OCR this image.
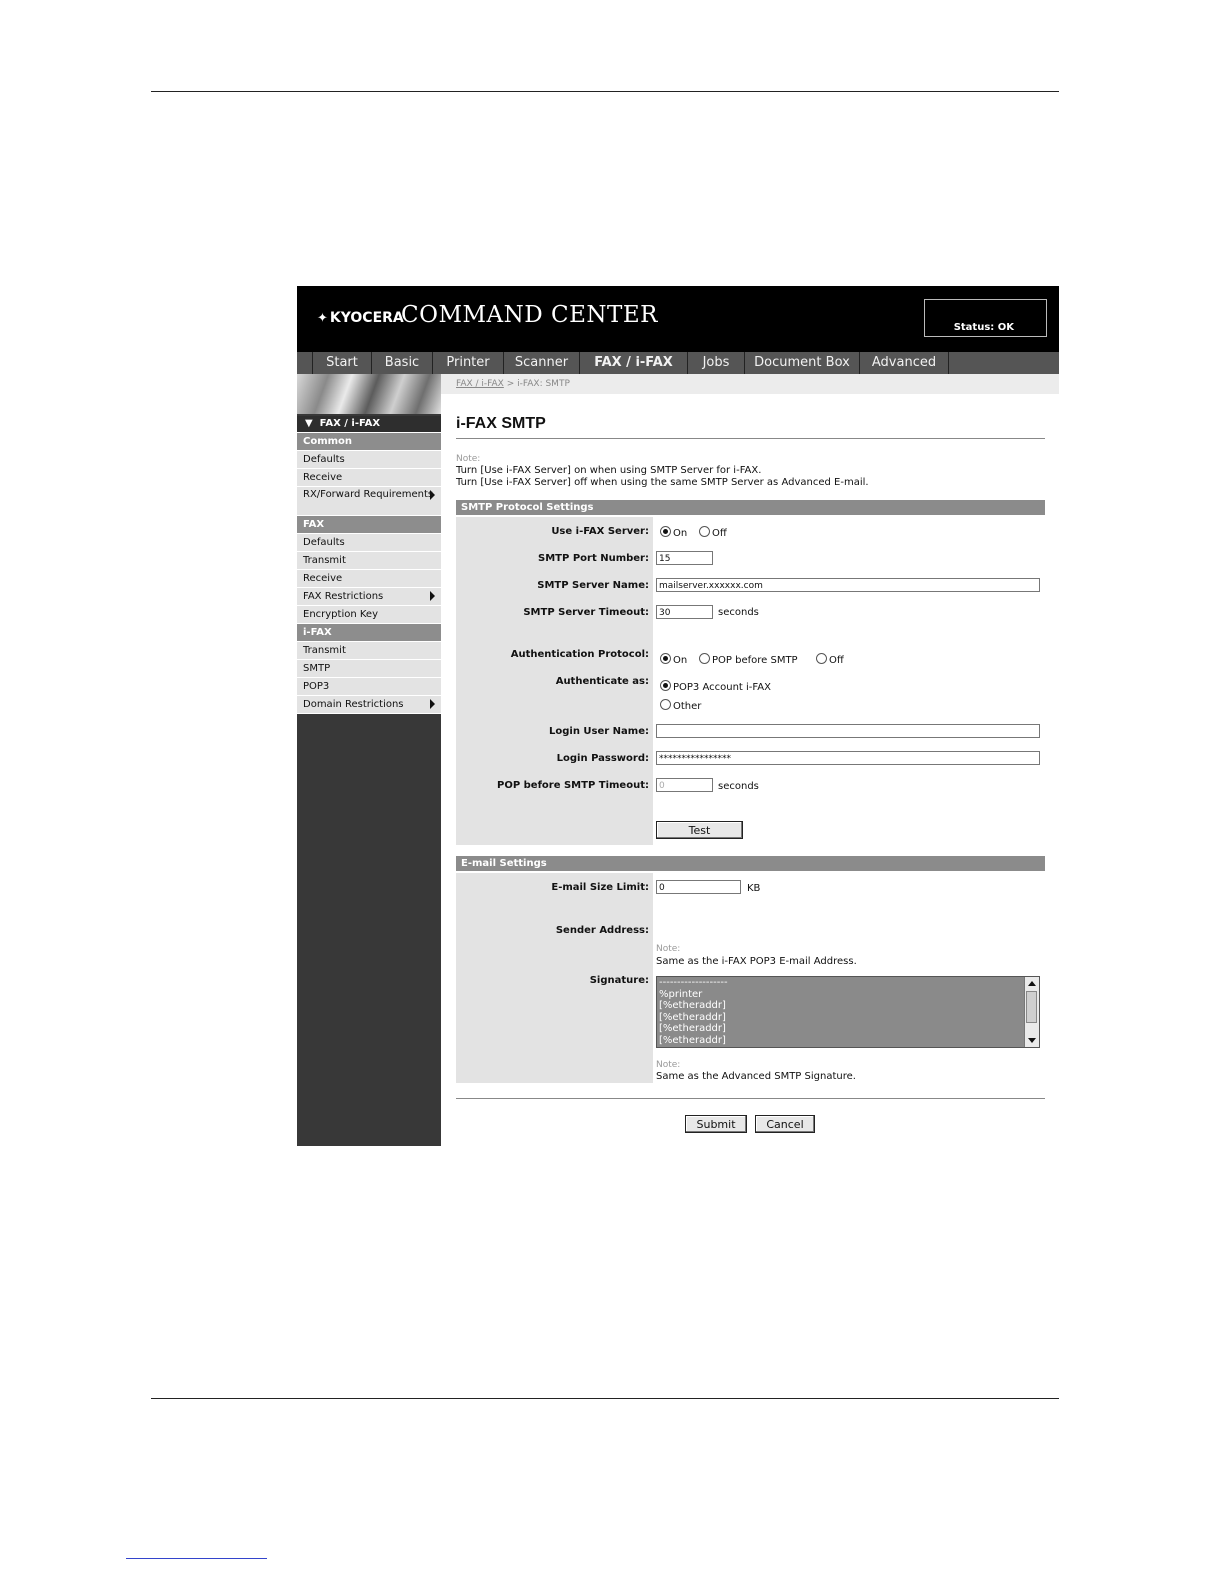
✦ KYOCERA
COMMAND CENTER	Status: OK
Start	Basic	Printer	Scanner	FAX / i-FAX	Jobs	Document Box	Advanced
▼ FAX / i-FAX
Common
Defaults
Receive
RX/Forward Requirements
FAX
Defaults
Transmit
Receive
FAX Restrictions
Encryption Key
i-FAX
Transmit
SMTP
POP3
Domain Restrictions
FAX / i-FAX > i-FAX: SMTP
i-FAX SMTP
Note:
Turn [Use i-FAX Server] on when using SMTP Server for i-FAX.
Turn [Use i-FAX Server] off when using the same SMTP Server as Advanced E-mail.
SMTP Protocol Settings
Use i-FAX Server:	On	Off
SMTP Port Number:	15
SMTP Server Name:	mailserver.xxxxxx.com
SMTP Server Timeout:	30	seconds
Authentication Protocol:
On	POP before SMTP	Off
Authenticate as:
POP3 Account i-FAX
Other
Login User Name:
Login Password:	****************
POP before SMTP Timeout:	0	seconds
Test
E-mail Settings
E-mail Size Limit:	0	KB
Sender Address:
Note:
Same as the i-FAX POP3 E-mail Address.
Signature: -------------------
%printer
[%etheraddr]
[%etheraddr]
[%etheraddr]
[%etheraddr]
Note:
Same as the Advanced SMTP Signature.
Submit	Cancel
